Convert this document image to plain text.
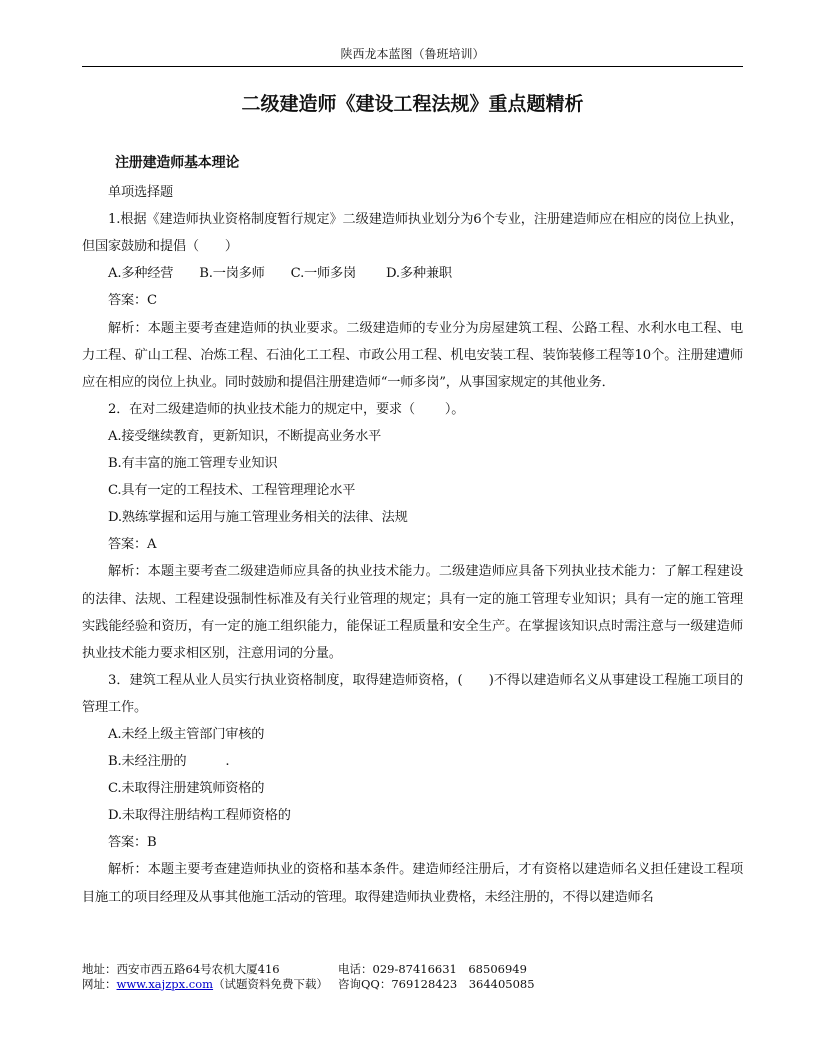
陕西龙本蓝图（鲁班培训）
二级建造师《建设工程法规》重点题精析

注册建造师基本理论

单项选择题

1.根据《建造师执业资格制度暂行规定》二级建造师执业划分为6个专业，注册建造师应在相应的岗位上执业，但国家鼓励和提倡（　　）

A.多种经营　　B.一岗多师　　C.一师多岗　　 D.多种兼职

答案：C

解析：本题主要考查建造师的执业要求。二级建造师的专业分为房屋建筑工程、公路工程、水利水电工程、电力工程、矿山工程、冶炼工程、石油化工工程、市政公用工程、机电安装工程、装饰装修工程等10个。注册建遭师应在相应的岗位上执业。同时鼓励和提倡注册建造师“一师多岗”，从事国家规定的其他业务．

2．在对二级建造师的执业技术能力的规定中，要求（　　 ）。

A.接受继续教育，更新知识，不断提高业务水平

B.有丰富的施工管理专业知识

C.具有一定的工程技术、工程管理理论水平

D.熟练掌握和运用与施工管理业务相关的法律、法规

答案：A

解析：本题主要考查二级建造师应具备的执业技术能力。二级建造师应具备下列执业技术能力：了解工程建设的法律、法规、工程建设强制性标准及有关行业管理的规定；具有一定的施工管理专业知识；具有一定的施工管理实践能经验和资历，有一定的施工组织能力，能保证工程质量和安全生产。在掌握该知识点时需注意与一级建造师执业技术能力要求相区别，注意用词的分量。

3．建筑工程从业人员实行执业资格制度，取得建造师资格，(　　)不得以建造师名义从事建设工程施工项目的管理工作。

A.未经上级主管部门审核的

B.未经注册的　　　.

C.未取得注册建筑师资格的

D.未取得注册结构工程师资格的

答案：B

解析：本题主要考查建造师执业的资格和基本条件。建造师经注册后，才有资格以建造师名义担任建设工程项目施工的项目经理及从事其他施工活动的管理。取得建造师执业费格，未经注册的，不得以建造师名

地址：西安市西五路64号农机大厦416	电话：029-87416631　68506949
网址：www.xajzpx.com（试题资料免费下载） 咨询QQ：769128423　364405085
